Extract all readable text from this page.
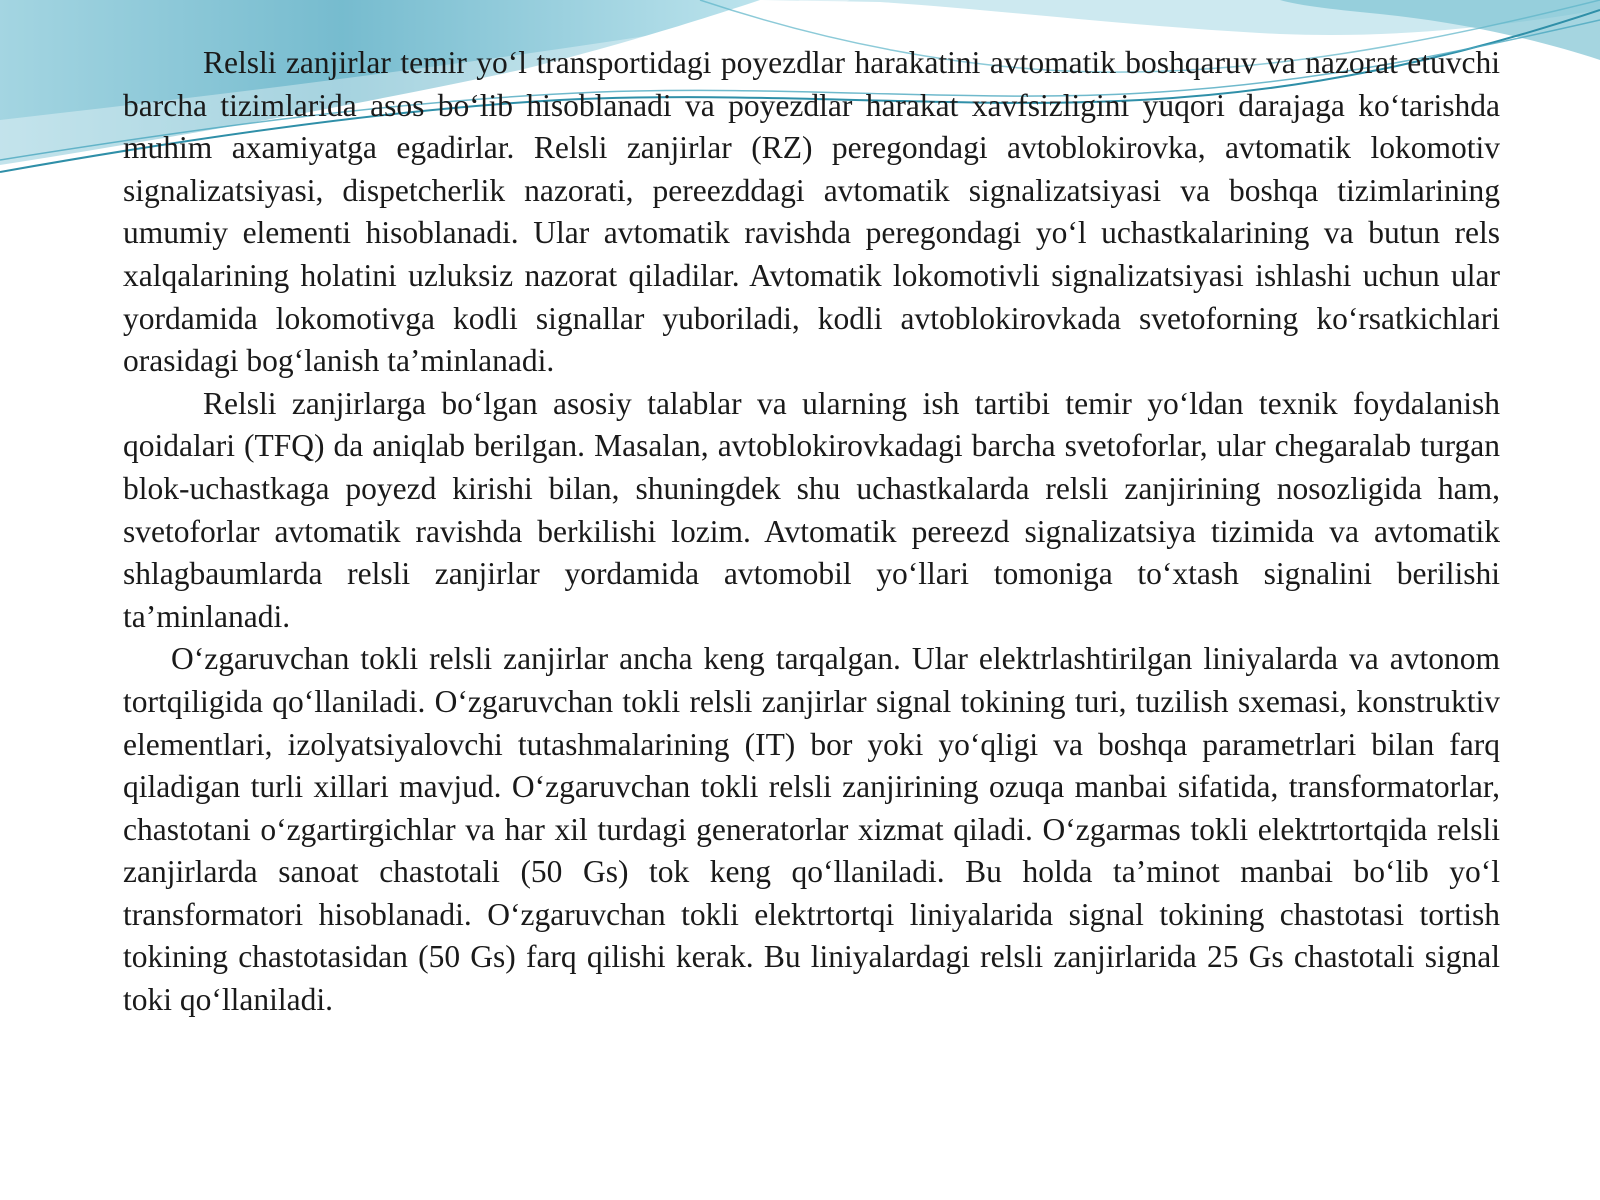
Relsli zanjirlar temir yo‘l transportidagi poyezdlar harakatini avtomatik boshqaruv va nazorat etuvchi barcha tizimlarida asos bo‘lib hisoblanadi va poyezdlar harakat xavfsizligini yuqori darajaga ko‘tarishda muhim axamiyatga egadirlar. Relsli zanjirlar (RZ) peregondagi avtoblokirovka, avtomatik lokomotiv signalizatsiyasi, dispetcherlik nazorati, pereezddagi avtomatik signalizatsiyasi va boshqa tizimlarining umumiy elementi hisoblanadi. Ular avtomatik ravishda peregondagi yo‘l uchastkalarining va butun rels xalqalarining holatini uzluksiz nazorat qiladilar. Avtomatik lokomotivli signalizatsiyasi ishlashi uchun ular yordamida lokomotivga kodli signallar yuboriladi, kodli avtoblokirovkada svetoforning ko‘rsatkichlari orasidagi bog‘lanish ta’minlanadi.

Relsli zanjirlarga bo‘lgan asosiy talablar va ularning ish tartibi temir yo‘ldan texnik foydalanish qoidalari (TFQ) da aniqlab berilgan. Masalan, avtoblokirovkadagi barcha svetoforlar, ular chegaralab turgan blok-uchastkaga poyezd kirishi bilan, shuningdek shu uchastkalarda relsli zanjirining nosozligida ham, svetoforlar avtomatik ravishda berkilishi lozim. Avtomatik pereezd signalizatsiya tizimida va avtomatik shlagbaumlarda relsli zanjirlar yordamida avtomobil yo‘llari tomoniga to‘xtash signalini berilishi ta’minlanadi.

O‘zgaruvchan tokli relsli zanjirlar ancha keng tarqalgan. Ular elektrlashtirilgan liniyalarda va avtonom tortqiligida qo‘llaniladi. O‘zgaruvchan tokli relsli zanjirlar signal tokining turi, tuzilish sxemasi, konstruktiv elementlari, izolyatsiyalovchi tutashmalarining (IT) bor yoki yo‘qligi va boshqa parametrlari bilan farq qiladigan turli xillari mavjud. O‘zgaruvchan tokli relsli zanjirining ozuqa manbai sifatida, transformatorlar, chastotani o‘zgartirgichlar va har xil turdagi generatorlar xizmat qiladi. O‘zgarmas tokli elektrtortqida relsli zanjirlarda sanoat chastotali (50 Gs) tok keng qo‘llaniladi. Bu holda ta’minot manbai bo‘lib yo‘l transformatori hisoblanadi. O‘zgaruvchan tokli elektrtortqi liniyalarida signal tokining chastotasi tortish tokining chastotasidan (50 Gs) farq qilishi kerak. Bu liniyalardagi relsli zanjirlarida 25 Gs chastotali signal toki qo‘llaniladi.
